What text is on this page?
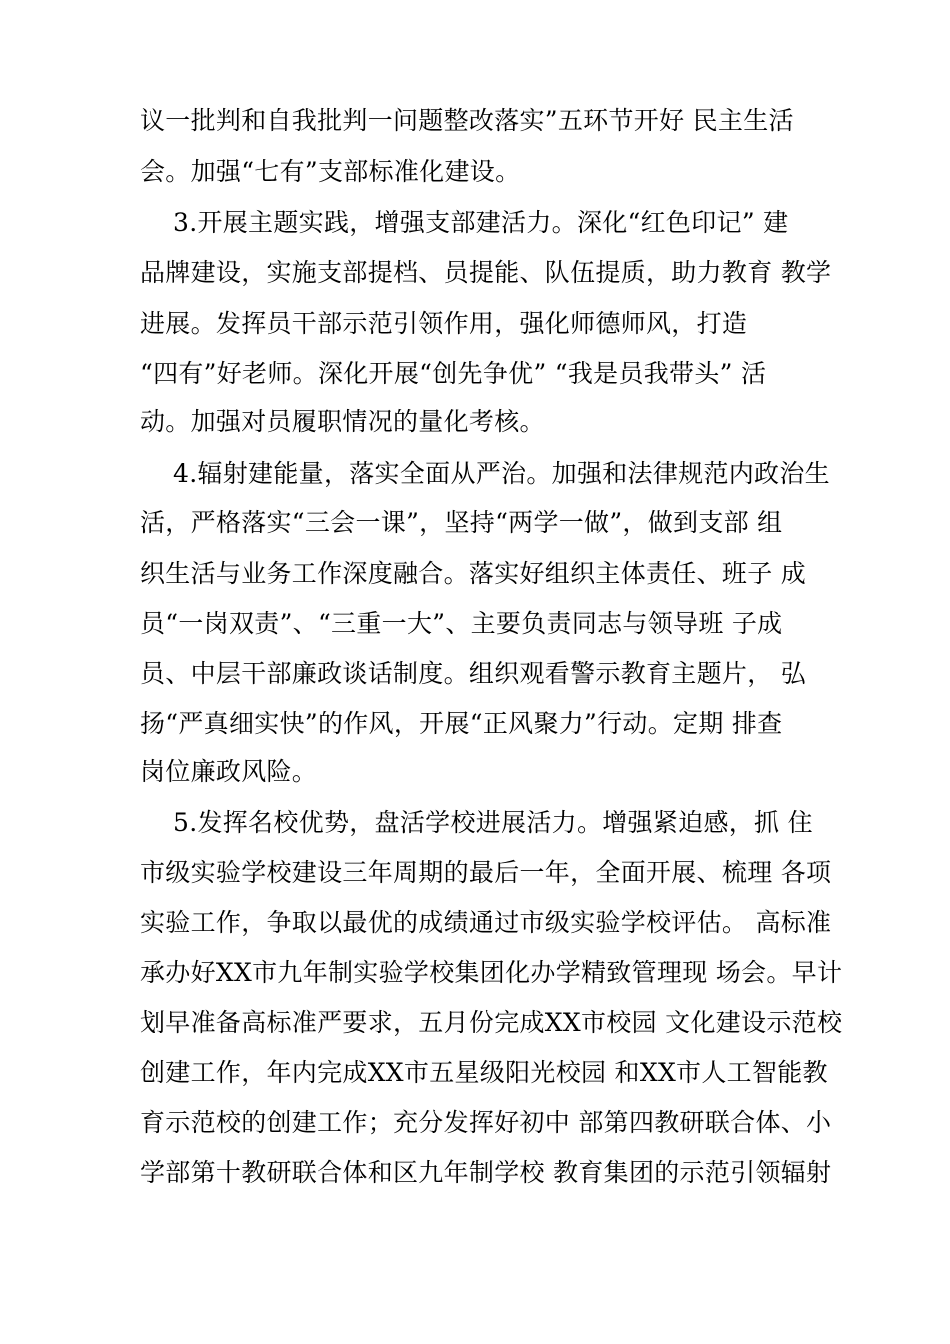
议一批判和自我批判一问题整改落实”五环节开好 民主生活
会。加强“七有”支部标准化建设。
3.开展主题实践，增强支部建活力。深化“红色印记” 建
品牌建设，实施支部提档、员提能、队伍提质，助力教育 教学
进展。发挥员干部示范引领作用，强化师德师风，打造
“四有”好老师。深化开展“创先争优” “我是员我带头” 活
动。加强对员履职情况的量化考核。
4.辐射建能量，落实全面从严治。加强和法律规范内政治生
活，严格落实“三会一课”，坚持“两学一做”，做到支部 组
织生活与业务工作深度融合。落实好组织主体责任、班子 成
员“一岗双责”、“三重一大”、主要负责同志与领导班 子成
员、中层干部廉政谈话制度。组织观看警示教育主题片， 弘
扬“严真细实快”的作风，开展“正风聚力”行动。定期 排查
岗位廉政风险。
5.发挥名校优势，盘活学校进展活力。增强紧迫感，抓 住
市级实验学校建设三年周期的最后一年，全面开展、梳理 各项
实验工作，争取以最优的成绩通过市级实验学校评估。 高标准
承办好XX市九年制实验学校集团化办学精致管理现 场会。早计
划早准备高标准严要求，五月份完成XX市校园 文化建设示范校
创建工作，年内完成XX市五星级阳光校园 和XX市人工智能教
育示范校的创建工作；充分发挥好初中 部第四教研联合体、小
学部第十教研联合体和区九年制学校 教育集团的示范引领辐射
